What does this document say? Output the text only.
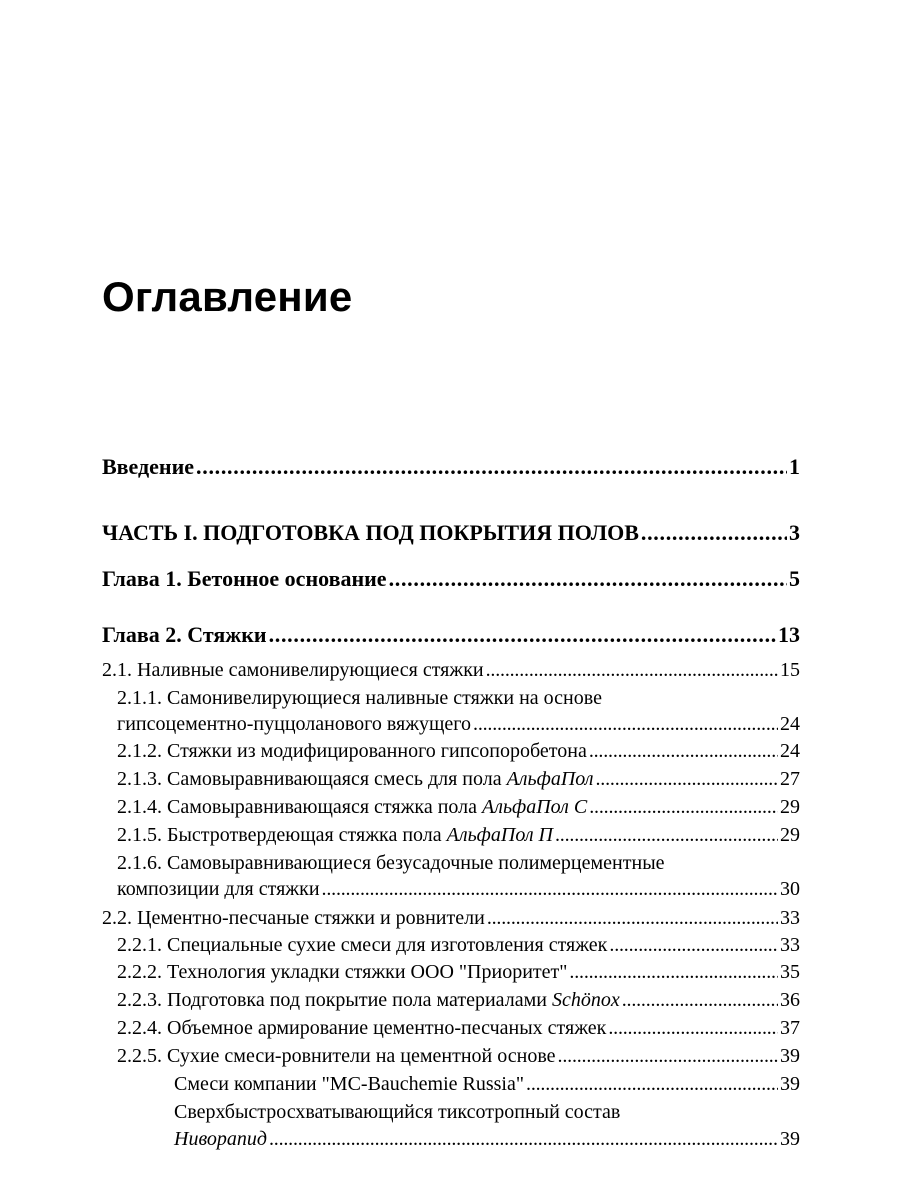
Оглавление
Введение . . .	1
ЧАСТЬ I. ПОДГОТОВКА ПОД ПОКРЫТИЯ ПОЛОВ . . .	3
Глава 1. Бетонное основание . . .	5
Глава 2. Стяжки . . .	13
2.1. Наливные самонивелирующиеся стяжки . . .	15
2.1.1. Самонивелирующиеся наливные стяжки на основе
гипсоцементно-пуццоланового вяжущего . . .	24
2.1.2. Стяжки из модифицированного гипсопоробетона . . .	24
2.1.3. Самовыравнивающаяся смесь для пола АльфаПол . . .	27
2.1.4. Самовыравнивающаяся стяжка пола АльфаПол С . . .	29
2.1.5. Быстротвердеющая стяжка пола АльфаПол П . . .	29
2.1.6. Самовыравнивающиеся безусадочные полимерцементные
композиции для стяжки . . .	30
2.2. Цементно-песчаные стяжки и ровнители . . .	33
2.2.1. Специальные сухие смеси для изготовления стяжек . . .	33
2.2.2. Технология укладки стяжки ООО "Приоритет" . . .	35
2.2.3. Подготовка под покрытие пола материалами Schönox . . .	36
2.2.4. Объемное армирование цементно-песчаных стяжек . . .	37
2.2.5. Сухие смеси-ровнители на цементной основе . . .	39
Смеси компании "MC-Bauchemie Russia" . . .	39
Сверхбыстросхватывающийся тиксотропный состав
Ниворапид . . .	39
